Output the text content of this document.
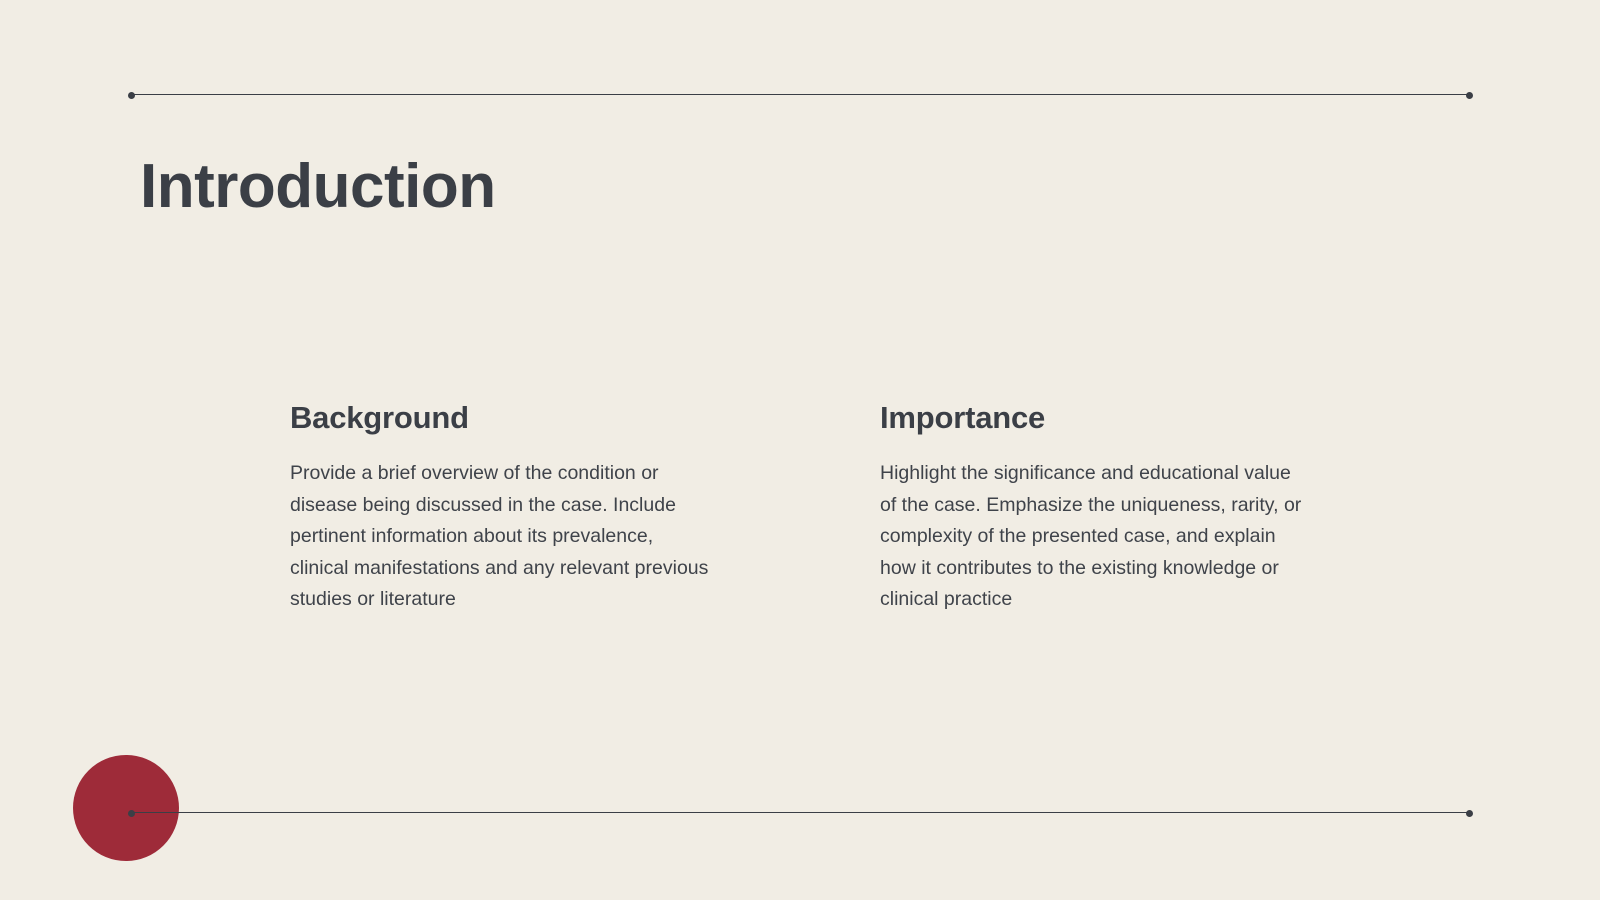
Introduction
Background

Provide a brief overview of the condition or disease being discussed in the case. Include pertinent information about its prevalence, clinical manifestations and any relevant previous studies or literature

Importance

Highlight the significance and educational value of the case. Emphasize the uniqueness, rarity, or complexity of the presented case, and explain how it contributes to the existing knowledge or clinical practice
